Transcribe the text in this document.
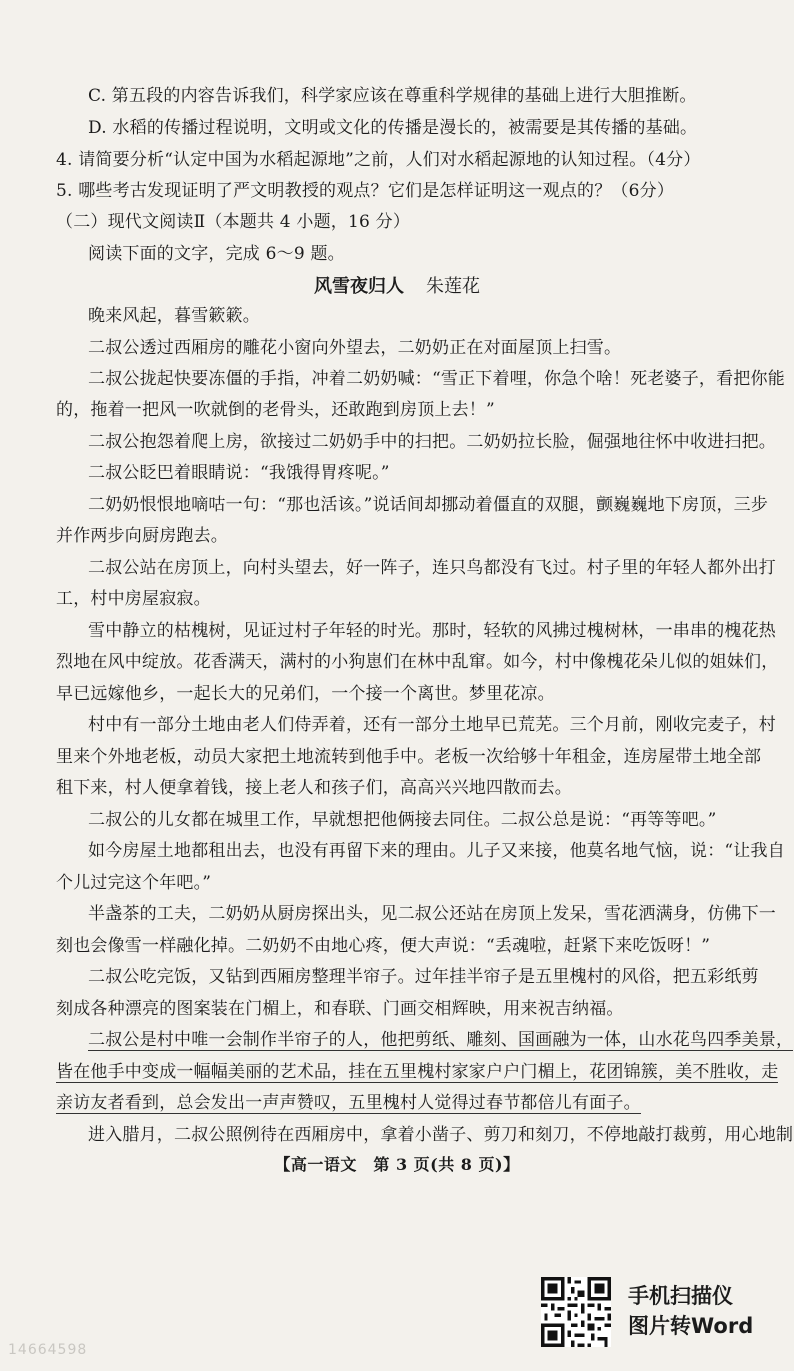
C. 第五段的内容告诉我们，科学家应该在尊重科学规律的基础上进行大胆推断。
D. 水稻的传播过程说明，文明或文化的传播是漫长的，被需要是其传播的基础。
4. 请简要分析“认定中国为水稻起源地”之前，人们对水稻起源地的认知过程。（4分）
5. 哪些考古发现证明了严文明教授的观点？它们是怎样证明这一观点的？（6分）
（二）现代文阅读Ⅱ（本题共 4 小题，16 分）
阅读下面的文字，完成 6～9 题。
风雪夜归人 朱莲花
晚来风起，暮雪簌簌。
二叔公透过西厢房的雕花小窗向外望去，二奶奶正在对面屋顶上扫雪。
二叔公拢起快要冻僵的手指，冲着二奶奶喊：“雪正下着哩，你急个啥！死老婆子，看把你能
的，拖着一把风一吹就倒的老骨头，还敢跑到房顶上去！”
二叔公抱怨着爬上房，欲接过二奶奶手中的扫把。二奶奶拉长脸，倔强地往怀中收进扫把。
二叔公眨巴着眼睛说：“我饿得胃疼呢。”
二奶奶恨恨地嘀咕一句：“那也活该。”说话间却挪动着僵直的双腿，颤巍巍地下房顶，三步
并作两步向厨房跑去。
二叔公站在房顶上，向村头望去，好一阵子，连只鸟都没有飞过。村子里的年轻人都外出打
工，村中房屋寂寂。
雪中静立的枯槐树，见证过村子年轻的时光。那时，轻软的风拂过槐树林，一串串的槐花热
烈地在风中绽放。花香满天，满村的小狗崽们在林中乱窜。如今，村中像槐花朵儿似的姐妹们，
早已远嫁他乡，一起长大的兄弟们，一个接一个离世。梦里花凉。
村中有一部分土地由老人们侍弄着，还有一部分土地早已荒芜。三个月前，刚收完麦子，村
里来个外地老板，动员大家把土地流转到他手中。老板一次给够十年租金，连房屋带土地全部
租下来，村人便拿着钱，接上老人和孩子们，高高兴兴地四散而去。
二叔公的儿女都在城里工作，早就想把他俩接去同住。二叔公总是说：“再等等吧。”
如今房屋土地都租出去，也没有再留下来的理由。儿子又来接，他莫名地气恼，说：“让我自
个儿过完这个年吧。”
半盏茶的工夫，二奶奶从厨房探出头，见二叔公还站在房顶上发呆，雪花洒满身，仿佛下一
刻也会像雪一样融化掉。二奶奶不由地心疼，便大声说：“丢魂啦，赶紧下来吃饭呀！”
二叔公吃完饭，又钻到西厢房整理半帘子。过年挂半帘子是五里槐村的风俗，把五彩纸剪
刻成各种漂亮的图案装在门楣上，和春联、门画交相辉映，用来祝吉纳福。
二叔公是村中唯一会制作半帘子的人，他把剪纸、雕刻、国画融为一体，山水花鸟四季美景，
皆在他手中变成一幅幅美丽的艺术品，挂在五里槐村家家户户门楣上，花团锦簇，美不胜收，走
亲访友者看到，总会发出一声声赞叹，五里槐村人觉得过春节都倍儿有面子。
进入腊月，二叔公照例待在西厢房中，拿着小凿子、剪刀和刻刀，不停地敲打裁剪，用心地制
【高一语文　第 3 页(共 8 页)】
手机扫描仪
图片转Word
14664598
